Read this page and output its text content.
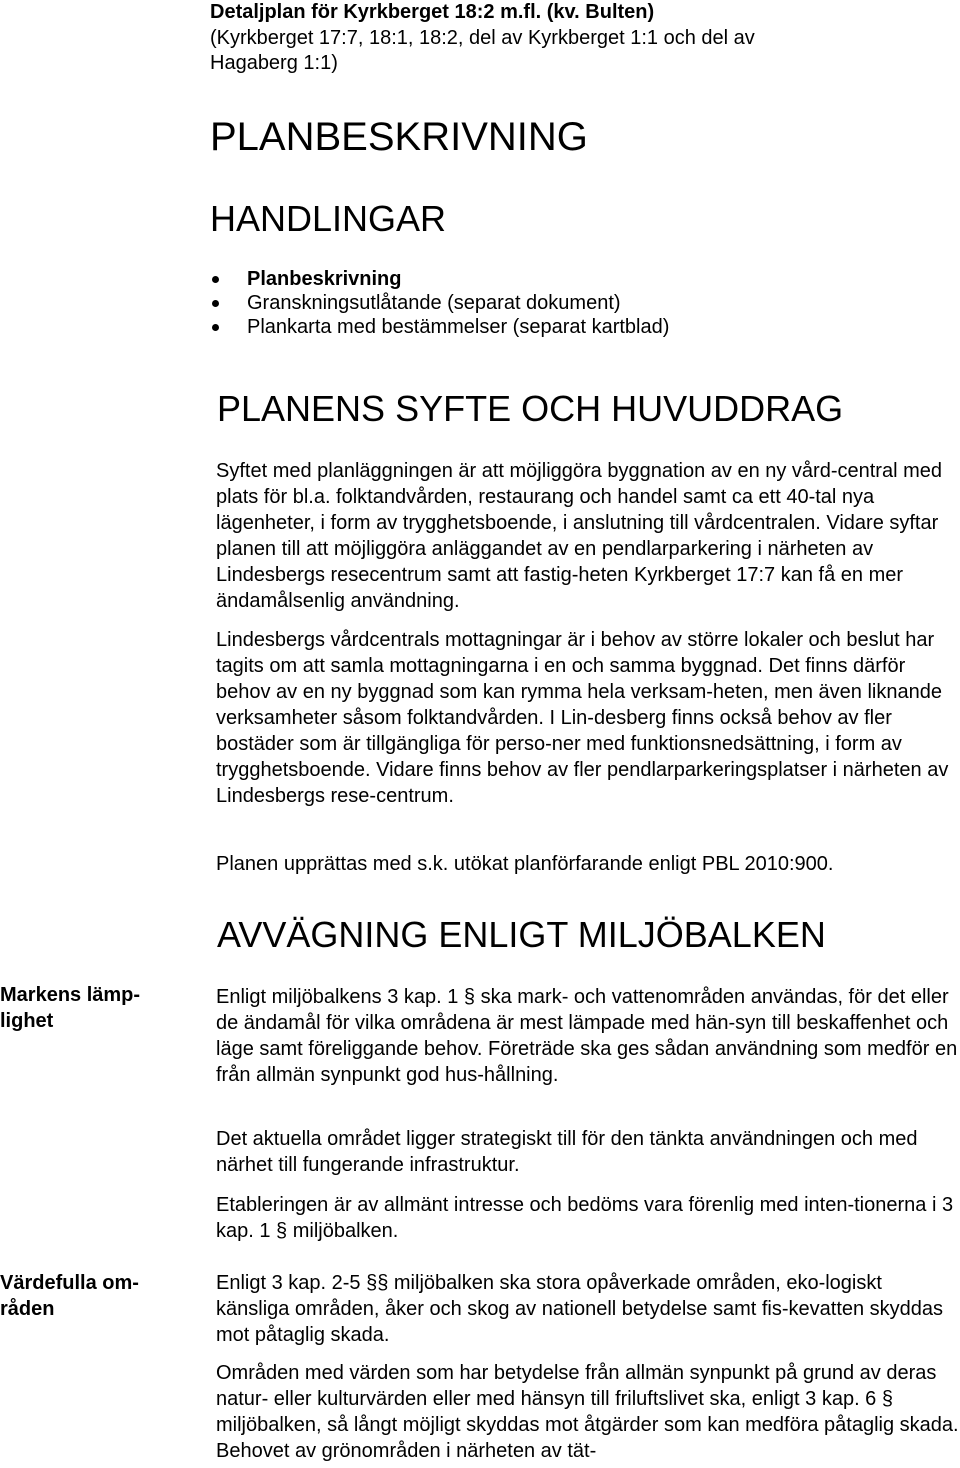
Detaljplan för Kyrkberget 18:2 m.fl. (kv. Bulten)
(Kyrkberget 17:7, 18:1, 18:2, del av Kyrkberget 1:1 och del av Hagaberg 1:1)
PLANBESKRIVNING
HANDLINGAR
Planbeskrivning
Granskningsutlåtande (separat dokument)
Plankarta med bestämmelser (separat kartblad)
PLANENS SYFTE OCH HUVUDDRAG

Syftet med planläggningen är att möjliggöra byggnation av en ny vård-central med plats för bl.a. folktandvården, restaurang och handel samt ca ett 40-tal nya lägenheter, i form av trygghetsboende, i anslutning till vårdcentralen. Vidare syftar planen till att möjliggöra anläggandet av en pendlarparkering i närheten av Lindesbergs resecentrum samt att fastig-heten Kyrkberget 17:7 kan få en mer ändamålsenlig användning.

Lindesbergs vårdcentrals mottagningar är i behov av större lokaler och beslut har tagits om att samla mottagningarna i en och samma byggnad. Det finns därför behov av en ny byggnad som kan rymma hela verksam-heten, men även liknande verksamheter såsom folktandvården. I Lin-desberg finns också behov av fler bostäder som är tillgängliga för perso-ner med funktionsnedsättning, i form av trygghetsboende. Vidare finns behov av fler pendlarparkeringsplatser i närheten av Lindesbergs rese-centrum.

Planen upprättas med s.k. utökat planförfarande enligt PBL 2010:900.

AVVÄGNING ENLIGT MILJÖBALKEN
Markens lämp-lighet

Enligt miljöbalkens 3 kap. 1 § ska mark- och vattenområden användas, för det eller de ändamål för vilka områdena är mest lämpade med hän-syn till beskaffenhet och läge samt föreliggande behov. Företräde ska ges sådan användning som medför en från allmän synpunkt god hus-hållning.

Det aktuella området ligger strategiskt till för den tänkta användningen och med närhet till fungerande infrastruktur.

Etableringen är av allmänt intresse och bedöms vara förenlig med inten-tionerna i 3 kap. 1 § miljöbalken.

Värdefulla om-råden

Enligt 3 kap. 2-5 §§ miljöbalken ska stora opåverkade områden, eko-logiskt känsliga områden, åker och skog av nationell betydelse samt fis-kevatten skyddas mot påtaglig skada.

Områden med värden som har betydelse från allmän synpunkt på grund av deras natur- eller kulturvärden eller med hänsyn till friluftslivet ska, enligt 3 kap. 6 § miljöbalken, så långt möjligt skyddas mot åtgärder som kan medföra påtaglig skada. Behovet av grönområden i närheten av tät-
